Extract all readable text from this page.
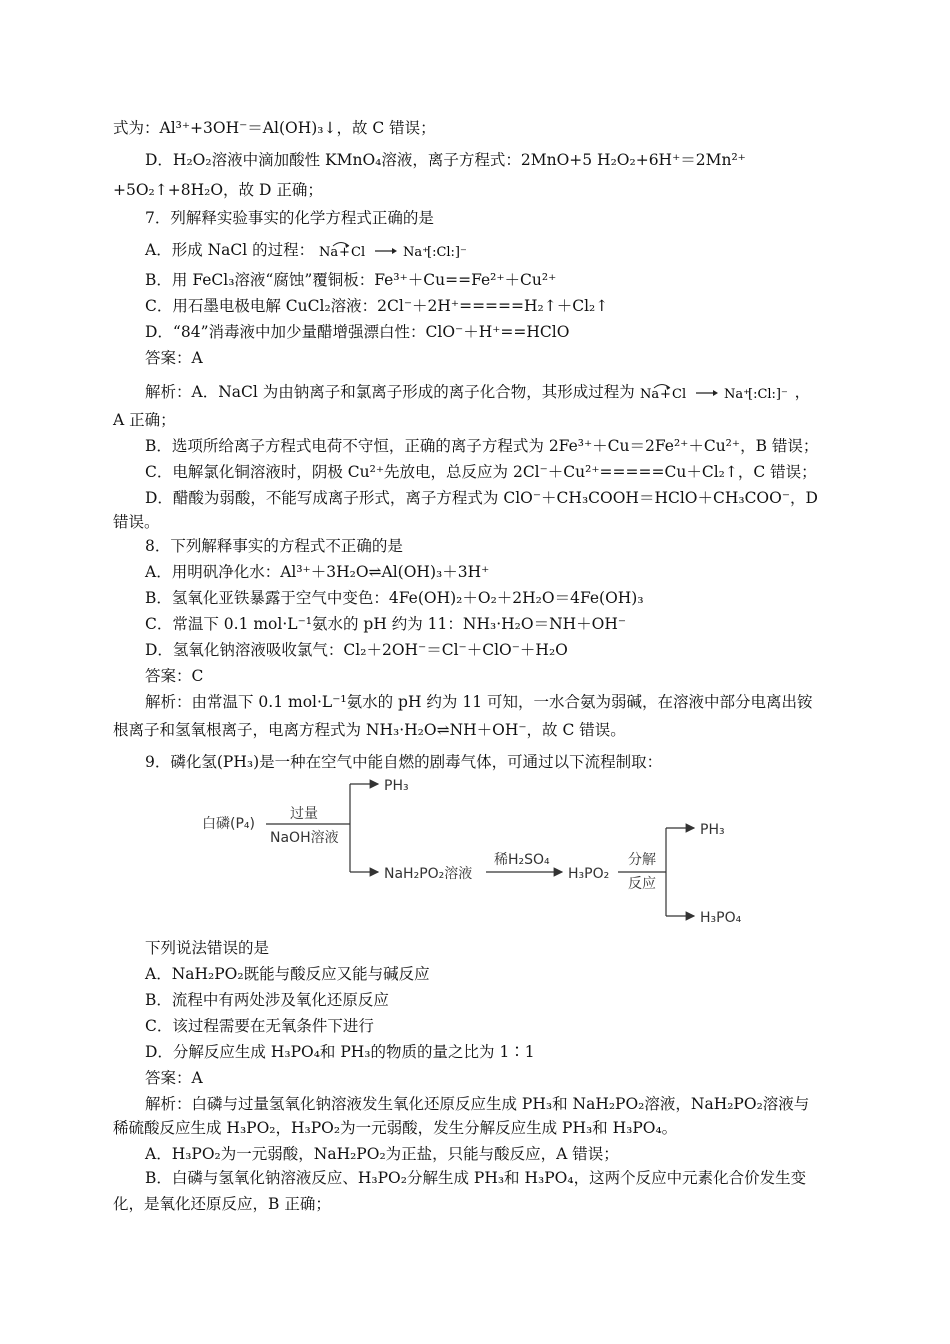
式为：Al³⁺+3OH⁻＝Al(OH)₃↓，故 C 错误；
D．H₂O₂溶液中滴加酸性 KMnO₄溶液，离子方程式：2MnO+5 H₂O₂+6H⁺＝2Mn²⁺
+5O₂↑+8H₂O，故 D 正确；
7．列解释实验事实的化学方程式正确的是
A．形成 NaCl 的过程： Na + Cl	Na⁺
[:Cl:]⁻
B．用 FeCl₃溶液“腐蚀”覆铜板：Fe³⁺＋Cu==Fe²⁺＋Cu²⁺
C．用石墨电极电解 CuCl₂溶液：2Cl⁻＋2H⁺=====H₂↑＋Cl₂↑
D．“84”消毒液中加少量醋增强漂白性：ClO⁻＋H⁺==HClO
答案：A
解析：A．NaCl 为由钠离子和氯离子形成的离子化合物，其形成过程为 Na + Cl	Na⁺
[:Cl:]⁻ ，
A 正确；
B．选项所给离子方程式电荷不守恒，正确的离子方程式为 2Fe³⁺＋Cu＝2Fe²⁺＋Cu²⁺，B 错误；
C．电解氯化铜溶液时，阴极 Cu²⁺先放电，总反应为 2Cl⁻＋Cu²⁺=====Cu＋Cl₂↑，C 错误；
D．醋酸为弱酸，不能写成离子形式，离子方程式为 ClO⁻＋CH₃COOH＝HClO＋CH₃COO⁻，D
错误。
8．下列解释事实的方程式不正确的是
A．用明矾净化水：Al³⁺＋3H₂O⇌Al(OH)₃＋3H⁺
B．氢氧化亚铁暴露于空气中变色：4Fe(OH)₂＋O₂＋2H₂O＝4Fe(OH)₃
C．常温下 0.1 mol·L⁻¹氨水的 pH 约为 11：NH₃·H₂O＝NH＋OH⁻
D．氢氧化钠溶液吸收氯气：Cl₂＋2OH⁻＝Cl⁻＋ClO⁻＋H₂O
答案：C
解析：由常温下 0.1 mol·L⁻¹氨水的 pH 约为 11 可知，一水合氨为弱碱，在溶液中部分电离出铵
根离子和氢氧根离子，电离方程式为 NH₃·H₂O⇌NH＋OH⁻，故 C 错误。
9．磷化氢(PH₃)是一种在空气中能自燃的剧毒气体，可通过以下流程制取：
白磷(P₄)
过量
NaOH溶液
PH₃
NaH₂PO₂溶液
稀H₂SO₄
H₃PO₂
分解
反应
PH₃
H₃PO₄
下列说法错误的是
A．NaH₂PO₂既能与酸反应又能与碱反应
B．流程中有两处涉及氧化还原反应
C．该过程需要在无氧条件下进行
D．分解反应生成 H₃PO₄和 PH₃的物质的量之比为 1∶1
答案：A
解析：白磷与过量氢氧化钠溶液发生氧化还原反应生成 PH₃和 NaH₂PO₂溶液，NaH₂PO₂溶液与
稀硫酸反应生成 H₃PO₂，H₃PO₂为一元弱酸，发生分解反应生成 PH₃和 H₃PO₄。
A．H₃PO₂为一元弱酸，NaH₂PO₂为正盐，只能与酸反应，A 错误；
B．白磷与氢氧化钠溶液反应、H₃PO₂分解生成 PH₃和 H₃PO₄，这两个反应中元素化合价发生变
化，是氧化还原反应，B 正确；
